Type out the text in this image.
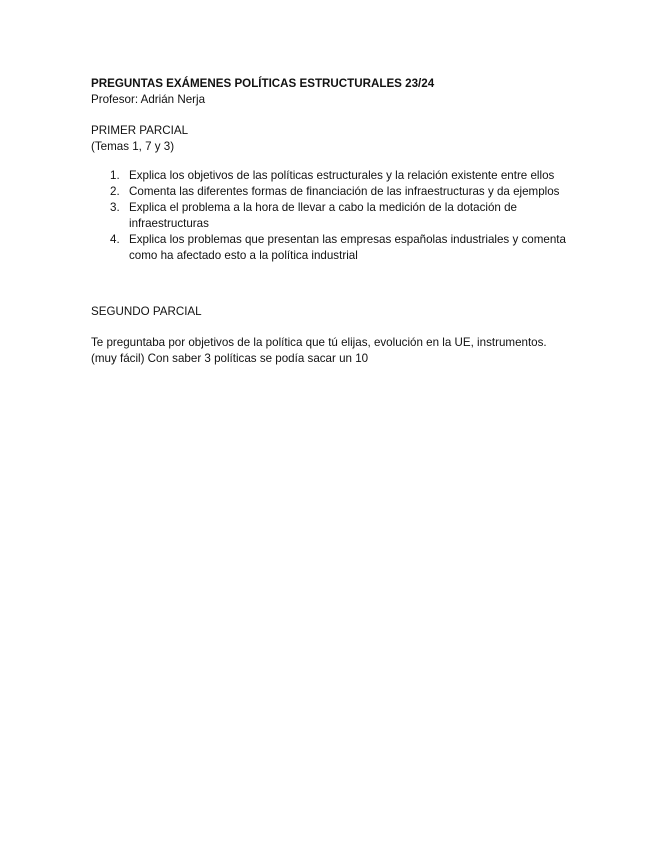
PREGUNTAS EXÁMENES POLÍTICAS ESTRUCTURALES 23/24

Profesor: Adrián Nerja

PRIMER PARCIAL

(Temas 1, 7 y 3)

1. Explica los objetivos de las políticas estructurales y la relación existente entre ellos
2. Comenta las diferentes formas de financiación de las infraestructuras y da ejemplos
3. Explica el problema a la hora de llevar a cabo la medición de la dotación de infraestructuras
4. Explica los problemas que presentan las empresas españolas industriales y comenta como ha afectado esto a la política industrial

SEGUNDO PARCIAL

Te preguntaba por objetivos de la política que tú elijas, evolución en la UE, instrumentos. (muy fácil) Con saber 3 políticas se podía sacar un 10
